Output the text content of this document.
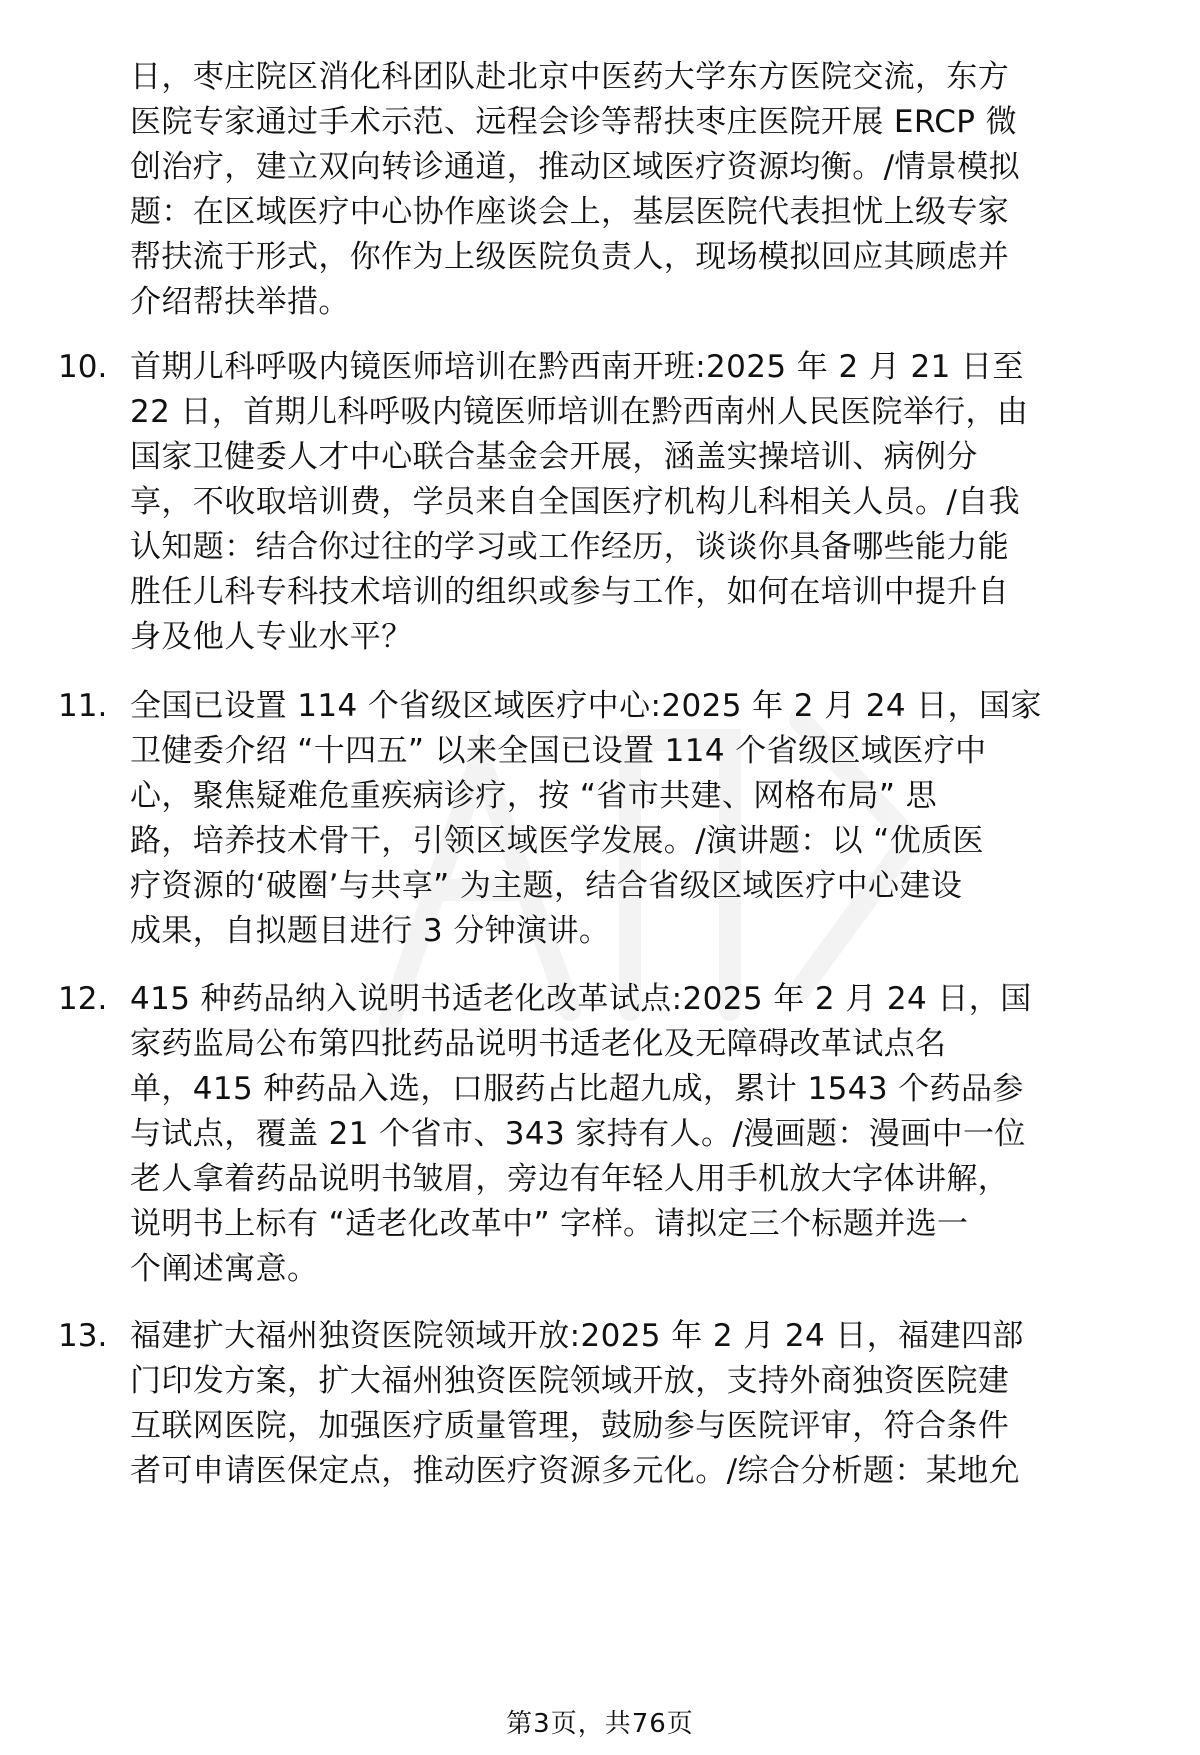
日，枣庄院区消化科团队赴北京中医药大学东方医院交流，东方
医院专家通过手术示范、远程会诊等帮扶枣庄医院开展 ERCP 微
创治疗，建立双向转诊通道，推动区域医疗资源均衡。/情景模拟
题：在区域医疗中心协作座谈会上，基层医院代表担忧上级专家
帮扶流于形式，你作为上级医院负责人，现场模拟回应其顾虑并
介绍帮扶举措。
10. 首期儿科呼吸内镜医师培训在黔西南开班:2025 年 2 月 21 日至
22 日，首期儿科呼吸内镜医师培训在黔西南州人民医院举行，由
国家卫健委人才中心联合基金会开展，涵盖实操培训、病例分
享，不收取培训费，学员来自全国医疗机构儿科相关人员。/自我
认知题：结合你过往的学习或工作经历，谈谈你具备哪些能力能
胜任儿科专科技术培训的组织或参与工作，如何在培训中提升自
身及他人专业水平？
11. 全国已设置 114 个省级区域医疗中心:2025 年 2 月 24 日，国家
卫健委介绍 “十四五” 以来全国已设置 114 个省级区域医疗中
心，聚焦疑难危重疾病诊疗，按 “省市共建、网格布局” 思
路，培养技术骨干，引领区域医学发展。/演讲题：以 “优质医
疗资源的‘破圈’与共享” 为主题，结合省级区域医疗中心建设
成果，自拟题目进行 3 分钟演讲。
12. 415 种药品纳入说明书适老化改革试点:2025 年 2 月 24 日，国
家药监局公布第四批药品说明书适老化及无障碍改革试点名
单，415 种药品入选，口服药占比超九成，累计 1543 个药品参
与试点，覆盖 21 个省市、343 家持有人。/漫画题：漫画中一位
老人拿着药品说明书皱眉，旁边有年轻人用手机放大字体讲解，
说明书上标有 “适老化改革中” 字样。请拟定三个标题并选一
个阐述寓意。
13. 福建扩大福州独资医院领域开放:2025 年 2 月 24 日，福建四部
门印发方案，扩大福州独资医院领域开放，支持外商独资医院建
互联网医院，加强医疗质量管理，鼓励参与医院评审，符合条件
者可申请医保定点，推动医疗资源多元化。/综合分析题：某地允
第3页，共76页
